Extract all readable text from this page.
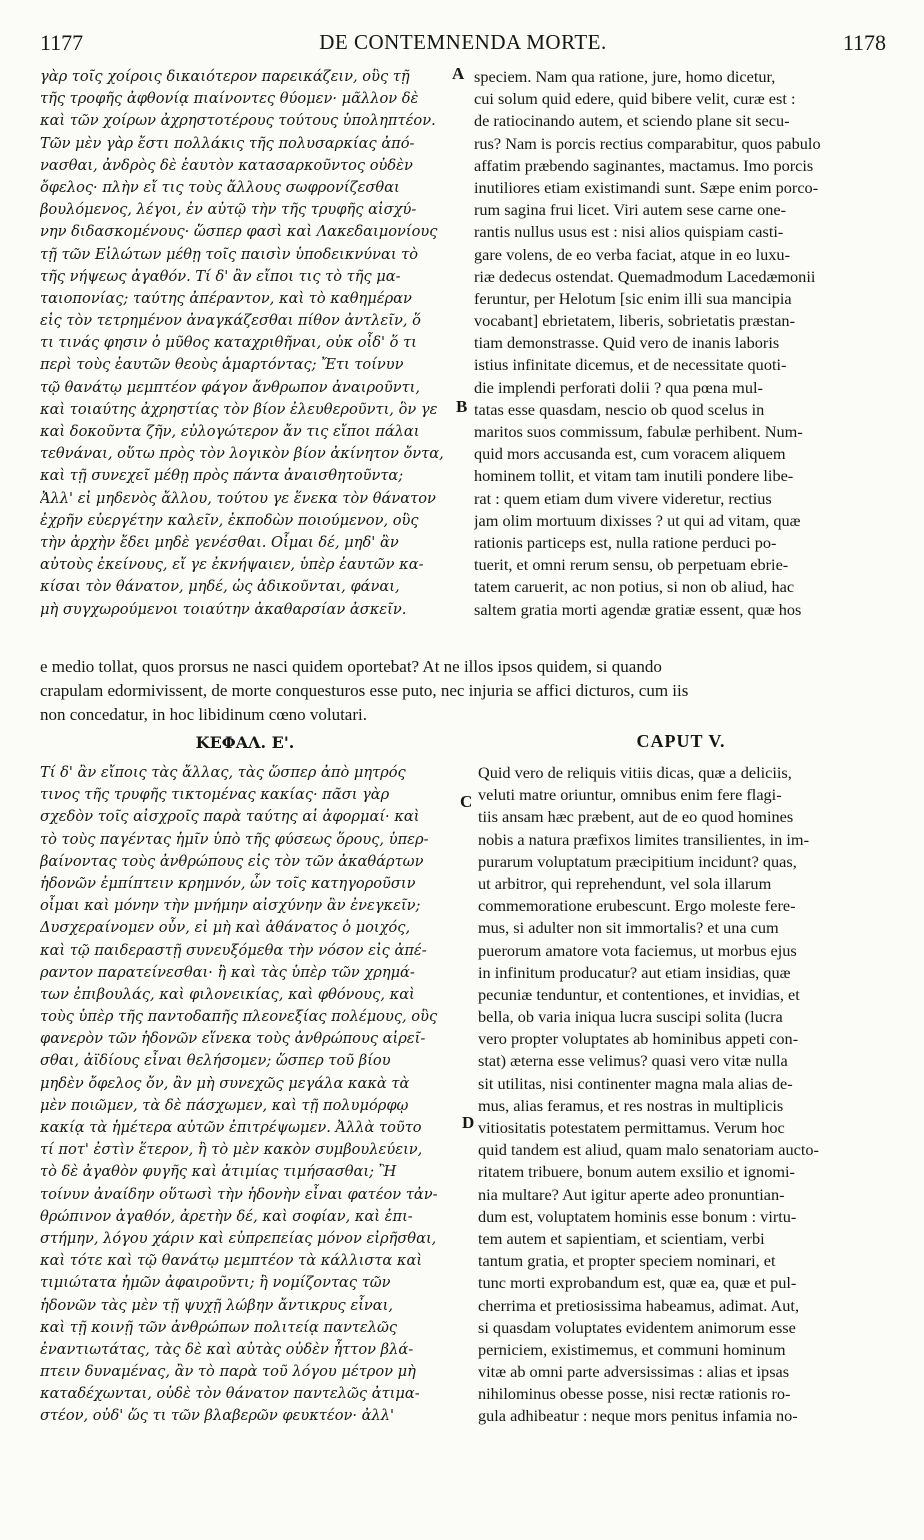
1177	DE CONTEMNENDA MORTE.	1178
γὰρ τοῖς χοίροις δικαιότερον παρεικάζειν, οὓς τῇ
τῆς τροφῆς ἀφθονίᾳ πιαίνοντες θύομεν· μᾶλλον δὲ
καὶ τῶν χοίρων ἀχρηστοτέρους τούτους ὑποληπτέον.
Τῶν μὲν γὰρ ἔστι πολλάκις τῆς πολυσαρκίας ἀπό-
νασθαι, ἀνδρὸς δὲ ἑαυτὸν κατασαρκοῦντος οὐδὲν
ὄφελος· πλὴν εἴ τις τοὺς ἄλλους σωφρονίζεσθαι
βουλόμενος, λέγοι, ἐν αὐτῷ τὴν τῆς τρυφῆς αἰσχύ-
νην διδασκομένους· ὥσπερ φασὶ καὶ Λακεδαιμονίους
τῇ τῶν Εἱλώτων μέθῃ τοῖς παισὶν ὑποδεικνύναι τὸ
τῆς νήψεως ἀγαθόν. Τί δ' ἂν εἴποι τις τὸ τῆς μα-
ταιοπονίας; ταύτης ἀπέραντον, καὶ τὸ καθημέραν
εἰς τὸν τετρημένον ἀναγκάζεσθαι πίθον ἀντλεῖν, ὅ
τι τινάς φησιν ὁ μῦθος καταχριθῆναι, οὐκ οἶδ' ὅ τι
περὶ τοὺς ἑαυτῶν θεοὺς ἁμαρτόντας; Ἔτι τοίνυν
τῷ θανάτῳ μεμπτέον φάγον ἄνθρωπον ἀναιροῦντι,
καὶ τοιαύτης ἀχρηστίας τὸν βίον ἐλευθεροῦντι, ὃν γε
καὶ δοκοῦντα ζῆν, εὐλογώτερον ἄν τις εἴποι πάλαι
τεθνάναι, οὕτω πρὸς τὸν λογικὸν βίον ἀκίνητον ὄντα,
καὶ τῇ συνεχεῖ μέθῃ πρὸς πάντα ἀναισθητοῦντα;
Ἀλλ' εἰ μηδενὸς ἄλλου, τούτου γε ἕνεκα τὸν θάνατον
ἐχρῆν εὐεργέτην καλεῖν, ἐκποδὼν ποιούμενον, οὓς
τὴν ἀρχὴν ἔδει μηδὲ γενέσθαι. Οἶμαι δέ, μηδ' ἂν
αὐτοὺς ἐκείνους, εἴ γε ἐκνήψαιεν, ὑπὲρ ἑαυτῶν κα-
κίσαι τὸν θάνατον, μηδέ, ὡς ἀδικοῦνται, φάναι,
μὴ συγχωρούμενοι τοιαύτην ἀκαθαρσίαν ἀσκεῖν.
speciem. Nam qua ratione, jure, homo dicetur,
cui solum quid edere, quid bibere velit, curæ est :
de ratiocinando autem, et sciendo plane sit secu-
rus? Nam is porcis rectius comparabitur, quos pabulo
affatim præbendo saginantes, mactamus. Imo porcis
inutiliores etiam existimandi sunt. Sæpe enim porco-
rum sagina frui licet. Viri autem sese carne one-
rantis nullus usus est : nisi alios quispiam casti-
gare volens, de eo verba faciat, atque in eo luxu-
riæ dedecus ostendat. Quemadmodum Lacedæmonii
feruntur, per Helotum [sic enim illi sua mancipia
vocabant] ebrietatem, liberis, sobrietatis præstan-
tiam demonstrasse. Quid vero de inanis laboris
istius infinitate dicemus, et de necessitate quoti-
die implendi perforati dolii ? qua pœna mul-
tatas esse quasdam, nescio ob quod scelus in
maritos suos commissum, fabulæ perhibent. Num-
quid mors accusanda est, cum voracem aliquem
hominem tollit, et vitam tam inutili pondere libe-
rat : quem etiam dum vivere videretur, rectius
jam olim mortuum dixisses ? ut qui ad vitam, quæ
rationis particeps est, nulla ratione perduci po-
tuerit, et omni rerum sensu, ob perpetuam ebrie-
tatem caruerit, ac non potius, si non ob aliud, hac
saltem gratia morti agendæ gratiæ essent, quæ hos
A
B
C
D
e medio tollat, quos prorsus ne nasci quidem oportebat? At ne illos ipsos quidem, si quando
crapulam edormivissent, de morte conquesturos esse puto, nec injuria se affici dicturos, cum iis
non concedatur, in hoc libidinum cœno volutari.
ΚΕΦΑΛ. Ε'.	CAPUT V.
Τί δ' ἂν εἴποις τὰς ἄλλας, τὰς ὥσπερ ἀπὸ μητρός
τινος τῆς τρυφῆς τικτομένας κακίας· πᾶσι γὰρ
σχεδὸν τοῖς αἰσχροῖς παρὰ ταύτης αἱ ἀφορμαί· καὶ
τὸ τοὺς παγέντας ἡμῖν ὑπὸ τῆς φύσεως ὅρους, ὑπερ-
βαίνοντας τοὺς ἀνθρώπους εἰς τὸν τῶν ἀκαθάρτων
ἡδονῶν ἐμπίπτειν κρημνόν, ὧν τοῖς κατηγοροῦσιν
οἶμαι καὶ μόνην τὴν μνήμην αἰσχύνην ἂν ἐνεγκεῖν;
Δυσχεραίνομεν οὖν, εἰ μὴ καὶ ἀθάνατος ὁ μοιχός,
καὶ τῷ παιδεραστῇ συνευξόμεθα τὴν νόσον εἰς ἀπέ-
ραντον παρατείνεσθαι· ἢ καὶ τὰς ὑπὲρ τῶν χρημά-
των ἐπιβουλάς, καὶ φιλονεικίας, καὶ φθόνους, καὶ
τοὺς ὑπὲρ τῆς παντοδαπῆς πλεονεξίας πολέμους, οὓς
φανερὸν τῶν ἡδονῶν εἵνεκα τοὺς ἀνθρώπους αἱρεῖ-
σθαι, ἀϊδίους εἶναι θελήσομεν; ὥσπερ τοῦ βίου
μηδὲν ὄφελος ὄν, ἂν μὴ συνεχῶς μεγάλα κακὰ τὰ
μὲν ποιῶμεν, τὰ δὲ πάσχωμεν, καὶ τῇ πολυμόρφῳ
κακίᾳ τὰ ἡμέτερα αὐτῶν ἐπιτρέψωμεν. Ἀλλὰ τοῦτο
τί ποτ' ἐστὶν ἕτερον, ἢ τὸ μὲν κακὸν συμβουλεύειν,
τὸ δὲ ἀγαθὸν φυγῆς καὶ ἀτιμίας τιμήσασθαι; Ἢ
τοίνυν ἀναίδην οὕτωσὶ τὴν ἡδονὴν εἶναι φατέον τἀν-
θρώπινον ἀγαθόν, ἀρετὴν δέ, καὶ σοφίαν, καὶ ἐπι-
στήμην, λόγου χάριν καὶ εὐπρεπείας μόνον εἰρῆσθαι,
καὶ τότε καὶ τῷ θανάτῳ μεμπτέον τὰ κάλλιστα καὶ
τιμιώτατα ἡμῶν ἀφαιροῦντι; ἢ νομίζοντας τῶν
ἡδονῶν τὰς μὲν τῇ ψυχῇ λώβην ἄντικρυς εἶναι,
καὶ τῇ κοινῇ τῶν ἀνθρώπων πολιτείᾳ παντελῶς
ἐναντιωτάτας, τὰς δὲ καὶ αὐτὰς οὐδὲν ἧττον βλά-
πτειν δυναμένας, ἂν τὸ παρὰ τοῦ λόγου μέτρον μὴ
καταδέχωνται, οὐδὲ τὸν θάνατον παντελῶς ἀτιμα-
στέον, οὐδ' ὥς τι τῶν βλαβερῶν φευκτέον· ἀλλ'
Quid vero de reliquis vitiis dicas, quæ a deliciis,
veluti matre oriuntur, omnibus enim fere flagi-
tiis ansam hæc præbent, aut de eo quod homines
nobis a natura præfixos limites transilientes, in im-
purarum voluptatum præcipitium incidunt? quas,
ut arbitror, qui reprehendunt, vel sola illarum
commemoratione erubescunt. Ergo moleste fere-
mus, si adulter non sit immortalis? et una cum
puerorum amatore vota faciemus, ut morbus ejus
in infinitum producatur? aut etiam insidias, quæ
pecuniæ tenduntur, et contentiones, et invidias, et
bella, ob varia iniqua lucra suscipi solita (lucra
vero propter voluptates ab hominibus appeti con-
stat) æterna esse velimus? quasi vero vitæ nulla
sit utilitas, nisi continenter magna mala alias de-
mus, alias feramus, et res nostras in multiplicis
vitiositatis potestatem permittamus. Verum hoc
quid tandem est aliud, quam malo senatoriam aucto-
ritatem tribuere, bonum autem exsilio et ignomi-
nia multare? Aut igitur aperte adeo pronuntian-
dum est, voluptatem hominis esse bonum : virtu-
tem autem et sapientiam, et scientiam, verbi
tantum gratia, et propter speciem nominari, et
tunc morti exprobandum est, quæ ea, quæ et pul-
cherrima et pretiosissima habeamus, adimat. Aut,
si quasdam voluptates evidentem animorum esse
perniciem, existimemus, et communi hominum
vitæ ab omni parte adversissimas : alias et ipsas
nihilominus obesse posse, nisi rectæ rationis ro-
gula adhibeatur : neque mors penitus infamia no-
